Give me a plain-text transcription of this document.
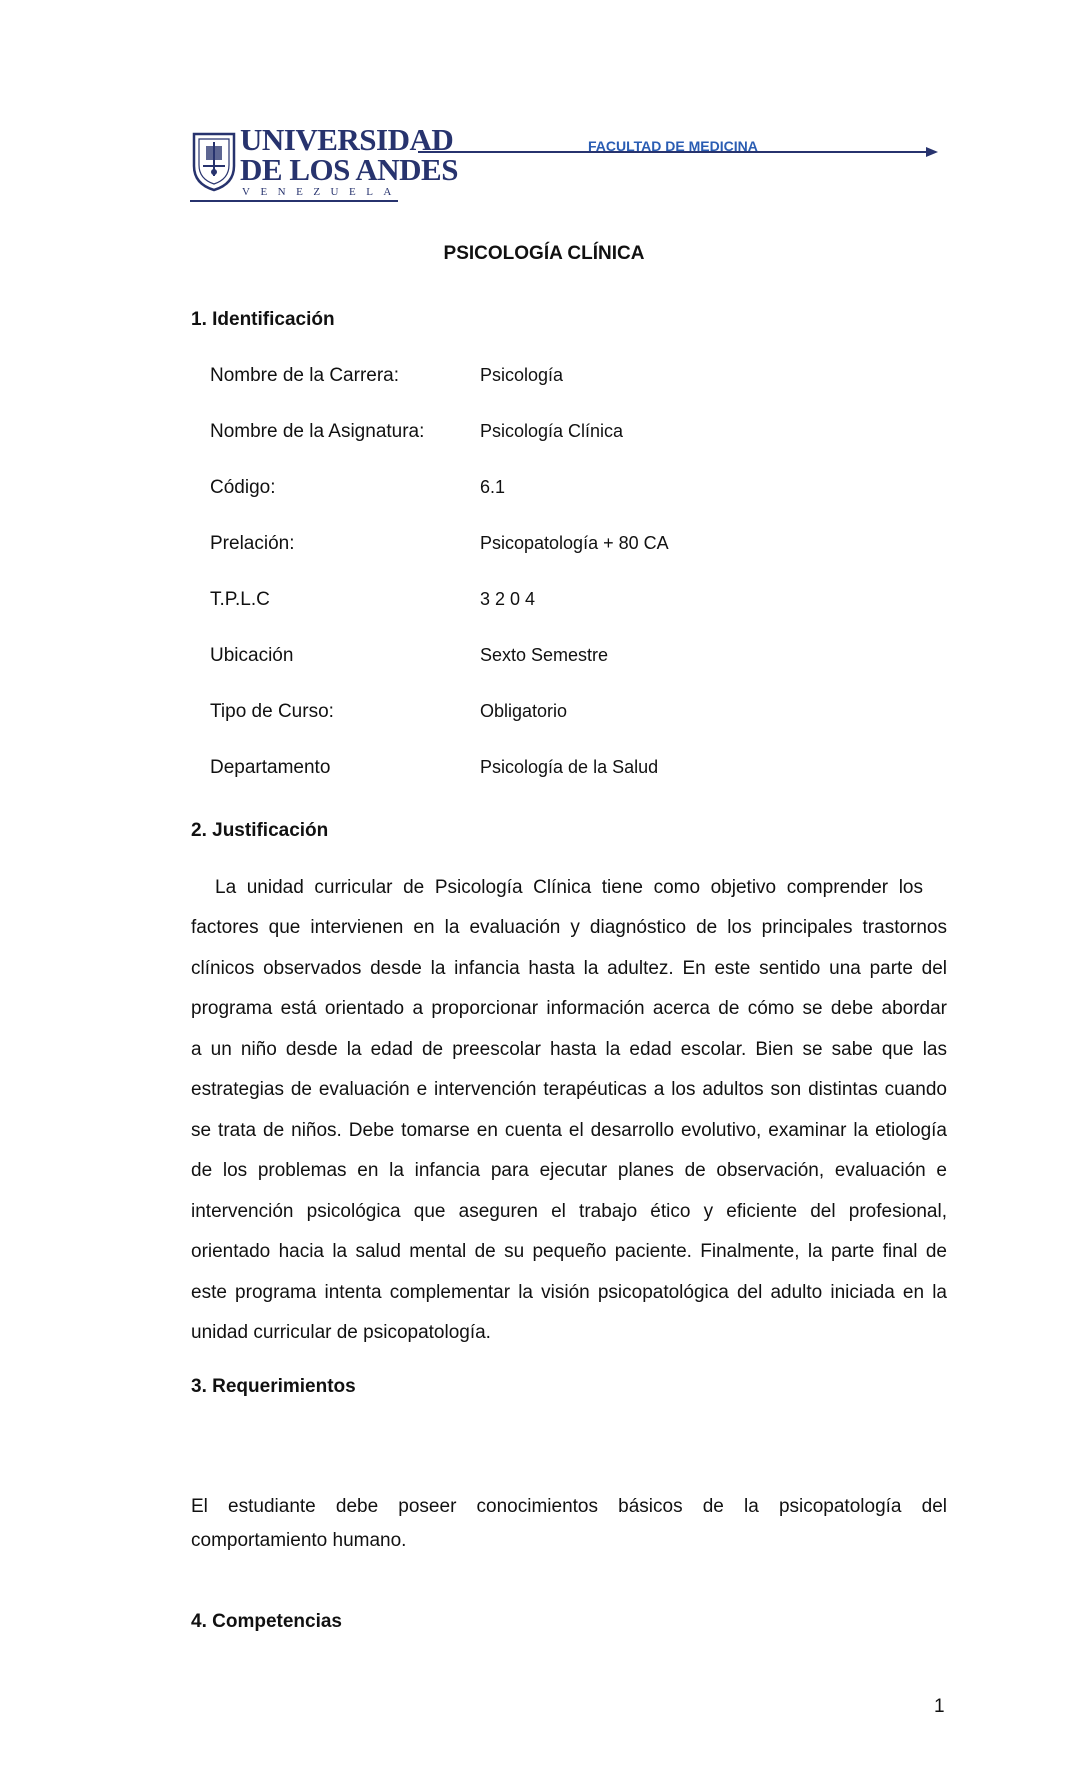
UNIVERSIDAD
DE LOS ANDES
VENEZUELA
FACULTAD DE MEDICINA
PSICOLOGÍA CLÍNICA
1. Identificación
Nombre de la Carrera:	Psicología
Nombre de la Asignatura:	Psicología Clínica
Código:	6.1
Prelación:	Psicopatología + 80 CA
T.P.L.C	3 2 0 4
Ubicación	Sexto Semestre
Tipo de Curso:	Obligatorio
Departamento	Psicología de la Salud
2. Justificación
La unidad curricular de Psicología Clínica tiene como objetivo comprender los
factores que intervienen en la evaluación y diagnóstico de los principales trastornos
clínicos observados desde la infancia hasta la adultez. En este sentido una parte del
programa está orientado a proporcionar información acerca de cómo se debe abordar
a un niño desde la edad de preescolar hasta la edad escolar. Bien se sabe que las
estrategias de evaluación e intervención terapéuticas a los adultos son distintas cuando
se trata de niños. Debe tomarse en cuenta el desarrollo evolutivo, examinar la etiología
de los problemas en la infancia para ejecutar planes de observación, evaluación e
intervención psicológica que aseguren el trabajo ético y eficiente del profesional,
orientado hacia la salud mental de su pequeño paciente. Finalmente, la parte final de
este programa intenta complementar la visión psicopatológica del adulto iniciada en la
unidad curricular de psicopatología.
3. Requerimientos
El estudiante debe poseer conocimientos básicos de la psicopatología del
comportamiento humano.
4. Competencias
1
